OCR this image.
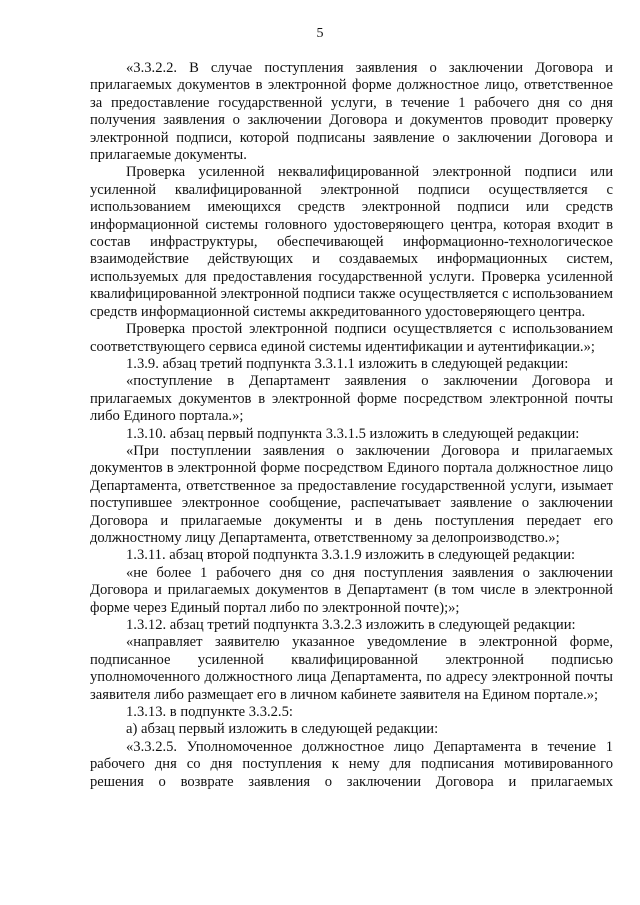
5

«3.3.2.2. В случае поступления заявления о заключении Договора и прилагаемых документов в электронной форме должностное лицо, ответственное за предоставление государственной услуги, в течение 1 рабочего дня со дня получения заявления о заключении Договора и документов проводит проверку электронной подписи, которой подписаны заявление о заключении Договора и прилагаемые документы.

Проверка усиленной неквалифицированной электронной подписи или усиленной квалифицированной электронной подписи осуществляется с использованием имеющихся средств электронной подписи или средств информационной системы головного удостоверяющего центра, которая входит в состав инфраструктуры, обеспечивающей информационно-технологическое взаимодействие действующих и создаваемых информационных систем, используемых для предоставления государственной услуги. Проверка усиленной квалифицированной электронной подписи также осуществляется с использованием средств информационной системы аккредитованного удостоверяющего центра.

Проверка простой электронной подписи осуществляется с использованием соответствующего сервиса единой системы идентификации и аутентификации.»;

1.3.9. абзац третий подпункта 3.3.1.1 изложить в следующей редакции:

«поступление в Департамент заявления о заключении Договора и прилагаемых документов в электронной форме посредством электронной почты либо Единого портала.»;

1.3.10. абзац первый подпункта 3.3.1.5 изложить в следующей редакции:

«При поступлении заявления о заключении Договора и прилагаемых документов в электронной форме посредством Единого портала должностное лицо Департамента, ответственное за предоставление государственной услуги, изымает поступившее электронное сообщение, распечатывает заявление о заключении Договора и прилагаемые документы и в день поступления передает его должностному лицу Департамента, ответственному за делопроизводство.»;

1.3.11. абзац второй подпункта 3.3.1.9 изложить в следующей редакции:

«не более 1 рабочего дня со дня поступления заявления о заключении Договора и прилагаемых документов в Департамент (в том числе в электронной форме через Единый портал либо по электронной почте);»;

1.3.12. абзац третий подпункта 3.3.2.3 изложить в следующей редакции:

«направляет заявителю указанное уведомление в электронной форме, подписанное усиленной квалифицированной электронной подписью уполномоченного должностного лица Департамента, по адресу электронной почты заявителя либо размещает его в личном кабинете заявителя на Едином портале.»;

1.3.13. в подпункте 3.3.2.5:

а) абзац первый изложить в следующей редакции:

«3.3.2.5. Уполномоченное должностное лицо Департамента в течение 1 рабочего дня со дня поступления к нему для подписания мотивированного решения о возврате заявления о заключении Договора и прилагаемых
